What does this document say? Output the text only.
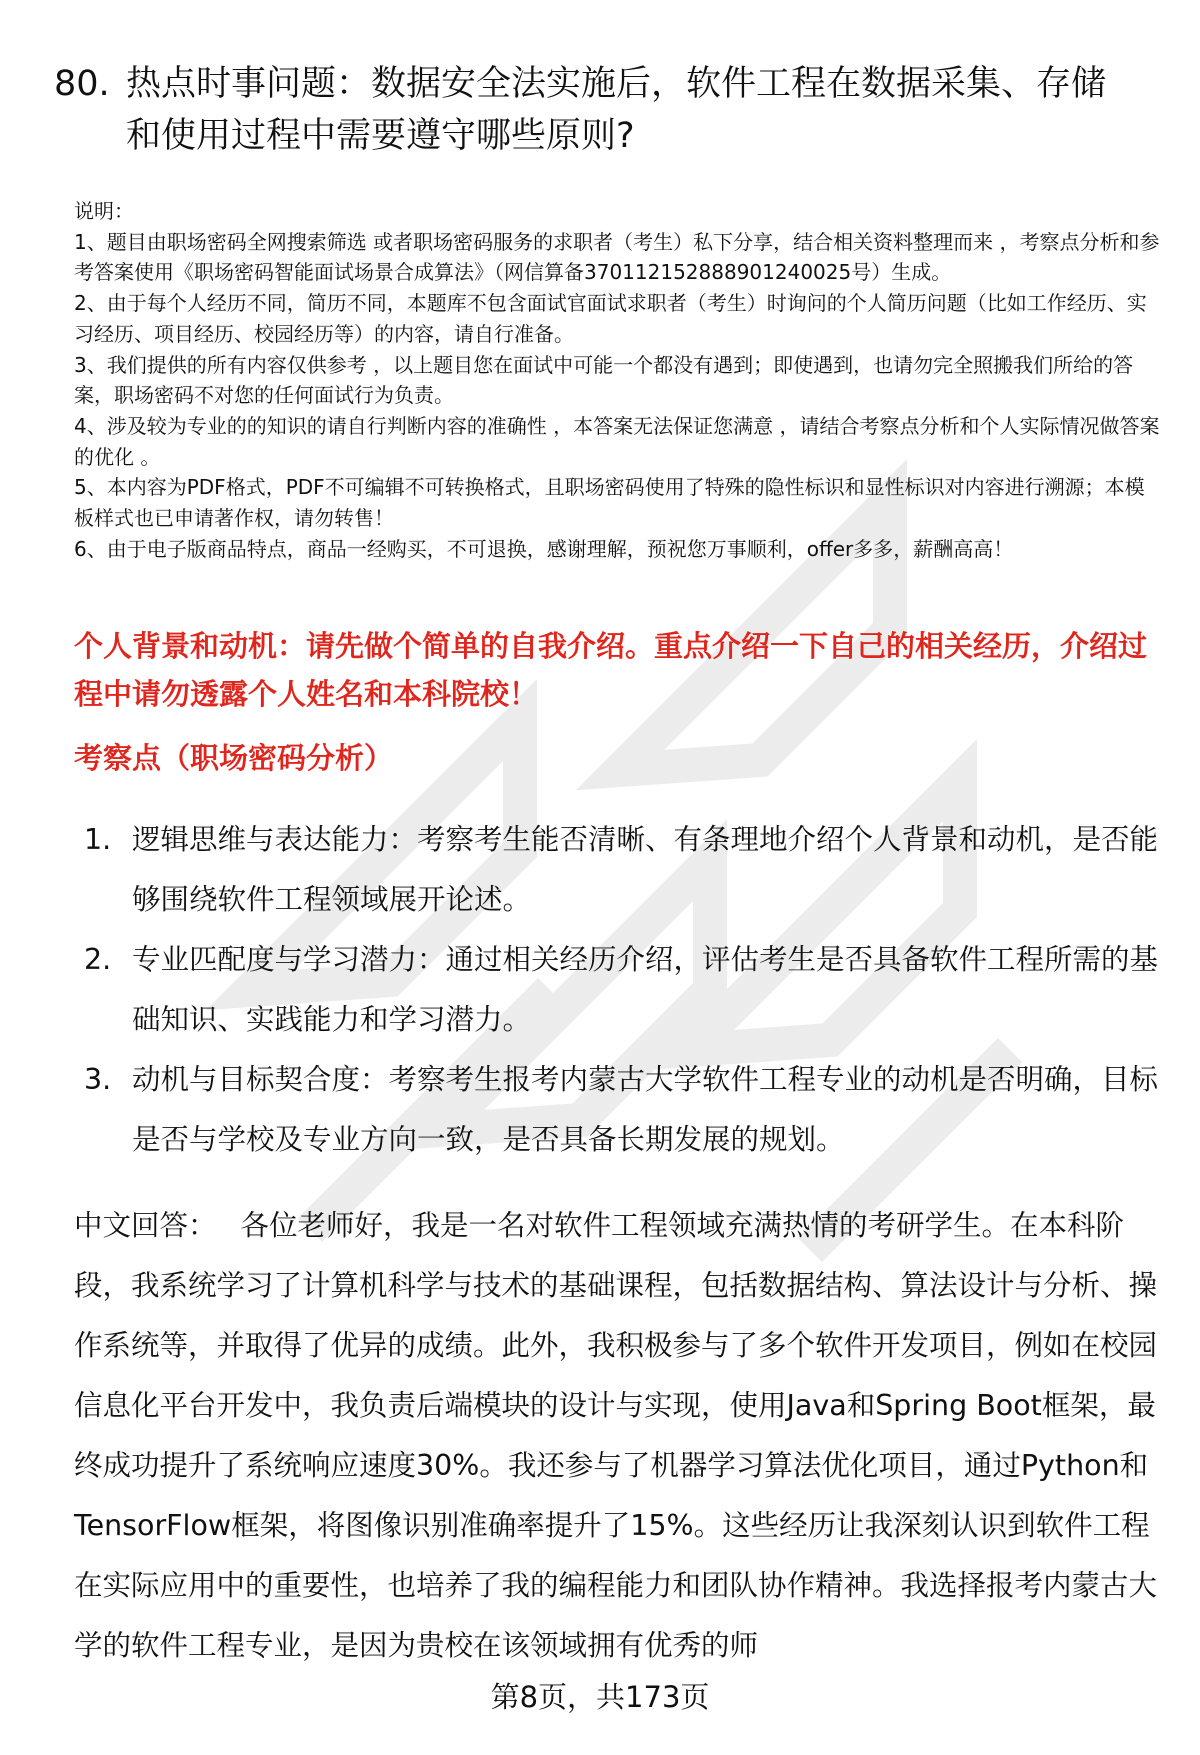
80. 热点时事问题：数据安全法实施后，软件工程在数据采集、存储
和使用过程中需要遵守哪些原则?

说明：

1、题目由职场密码全网搜索筛选 或者职场密码服务的求职者（考生）私下分享，结合相关资料整理而来 ，考察点分析和参考答案使用《职场密码智能面试场景合成算法》（网信算备370112152888901240025号）生成。

2、由于每个人经历不同，简历不同，本题库不包含面试官面试求职者（考生）时询问的个人简历问题（比如工作经历、实习经历、项目经历、校园经历等）的内容，请自行准备。

3、我们提供的所有内容仅供参考 ，以上题目您在面试中可能一个都没有遇到；即使遇到，也请勿完全照搬我们所给的答案，职场密码不对您的任何面试行为负责。

4、涉及较为专业的的知识的请自行判断内容的准确性 ，本答案无法保证您满意 ，请结合考察点分析和个人实际情况做答案的优化 。

5、本内容为PDF格式，PDF不可编辑不可转换格式，且职场密码使用了特殊的隐性标识和显性标识对内容进行溯源；本模板样式也已申请著作权，请勿转售！

6、由于电子版商品特点，商品一经购买，不可退换，感谢理解，预祝您万事顺利，offer多多，薪酬高高！

个人背景和动机：请先做个简单的自我介绍。重点介绍一下自己的相关经历，介绍过程中请勿透露个人姓名和本科院校！
考察点（职场密码分析）
1. 逻辑思维与表达能力：考察考生能否清晰、有条理地介绍个人背景和动机，是否能够围绕软件工程领域展开论述。
2. 专业匹配度与学习潜力：通过相关经历介绍，评估考生是否具备软件工程所需的基础知识、实践能力和学习潜力。
3. 动机与目标契合度：考察考生报考内蒙古大学软件工程专业的动机是否明确，目标是否与学校及专业方向一致，是否具备长期发展的规划。
中文回答： 各位老师好，我是一名对软件工程领域充满热情的考研学生。在本科阶段，我系统学习了计算机科学与技术的基础课程，包括数据结构、算法设计与分析、操作系统等，并取得了优异的成绩。此外，我积极参与了多个软件开发项目，例如在校园信息化平台开发中，我负责后端模块的设计与实现，使用Java和Spring Boot框架，最终成功提升了系统响应速度30%。我还参与了机器学习算法优化项目，通过Python和TensorFlow框架，将图像识别准确率提升了15%。这些经历让我深刻认识到软件工程在实际应用中的重要性，也培养了我的编程能力和团队协作精神。我选择报考内蒙古大学的软件工程专业，是因为贵校在该领域拥有优秀的师
第8页，共173页
